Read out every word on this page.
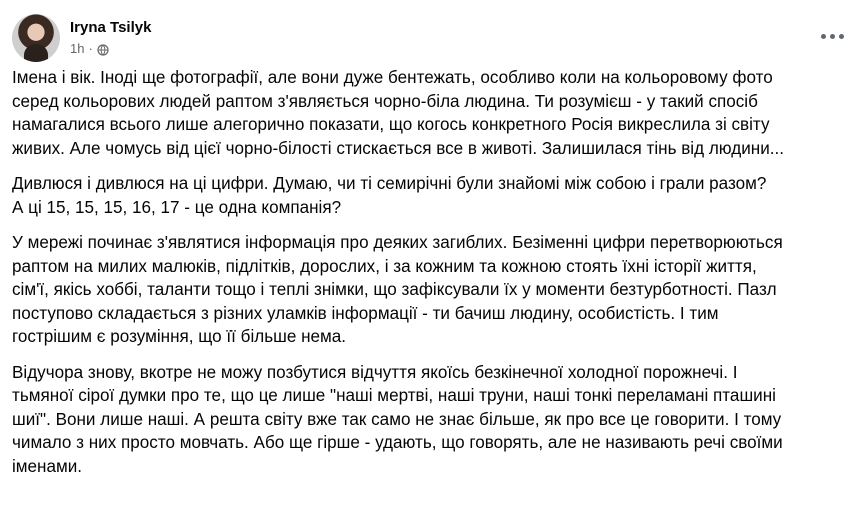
Iryna Tsilyk
1h ·

Імена і вік. Іноді ще фотографії, але вони дуже бентежать, особливо коли на кольоровому фото
серед кольорових людей раптом з'являється чорно-біла людина. Ти розумієш - у такий спосіб
намагалися всього лише алегорично показати, що когось конкретного Росія викреслила зі світу
живих. Але чомусь від цієї чорно-білості стискається все в животі. Залишилася тінь від людини...

Дивлюся і дивлюся на ці цифри. Думаю, чи ті семирічні були знайомі між собою і грали разом?
А ці 15, 15, 15, 16, 17 - це одна компанія?

У мережі починає з'являтися інформація про деяких загиблих. Безіменні цифри перетворюються
раптом на милих малюків, підлітків, дорослих, і за кожним та кожною стоять їхні історії життя,
сім'ї, якісь хоббі, таланти тощо і теплі знімки, що зафіксували їх у моменти безтурботності. Пазл
поступово складається з різних уламків інформації - ти бачиш людину, особистість. І тим
гострішим є розуміння, що її більше нема.

Відучора знову, вкотре не можу позбутися відчуття якоїсь безкінечної холодної порожнечі. І
тьмяної сірої думки про те, що це лише "наші мертві, наші труни, наші тонкі переламані пташині
шиї". Вони лише наші. А решта світу вже так само не знає більше, як про все це говорити. І тому
чимало з них просто мовчать. Або ще гірше - удають, що говорять, але не називають речі своїми
іменами.
